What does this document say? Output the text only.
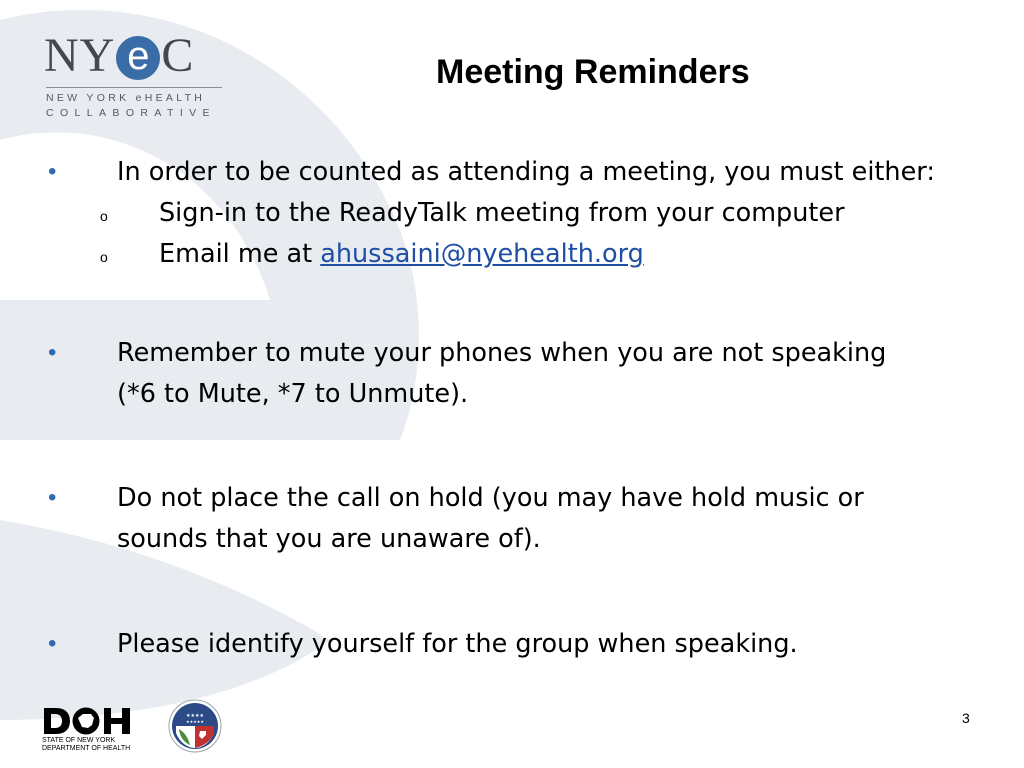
NY e C
NEW YORK eHEALTH
COLLABORATIVE
Meeting Reminders
• In order to be counted as attending a meeting, you must either:
o Sign-in to the ReadyTalk meeting from your computer
o Email me at ahussaini@nyehealth.org
• Remember to mute your phones when you are not speaking
(*6 to Mute, *7 to Unmute).
• Do not place the call on hold (you may have hold music or
sounds that you are unaware of).
• Please identify yourself for the group when speaking.
STATE OF NEW YORK
DEPARTMENT OF HEALTH
★★★★
★★★★★	3
